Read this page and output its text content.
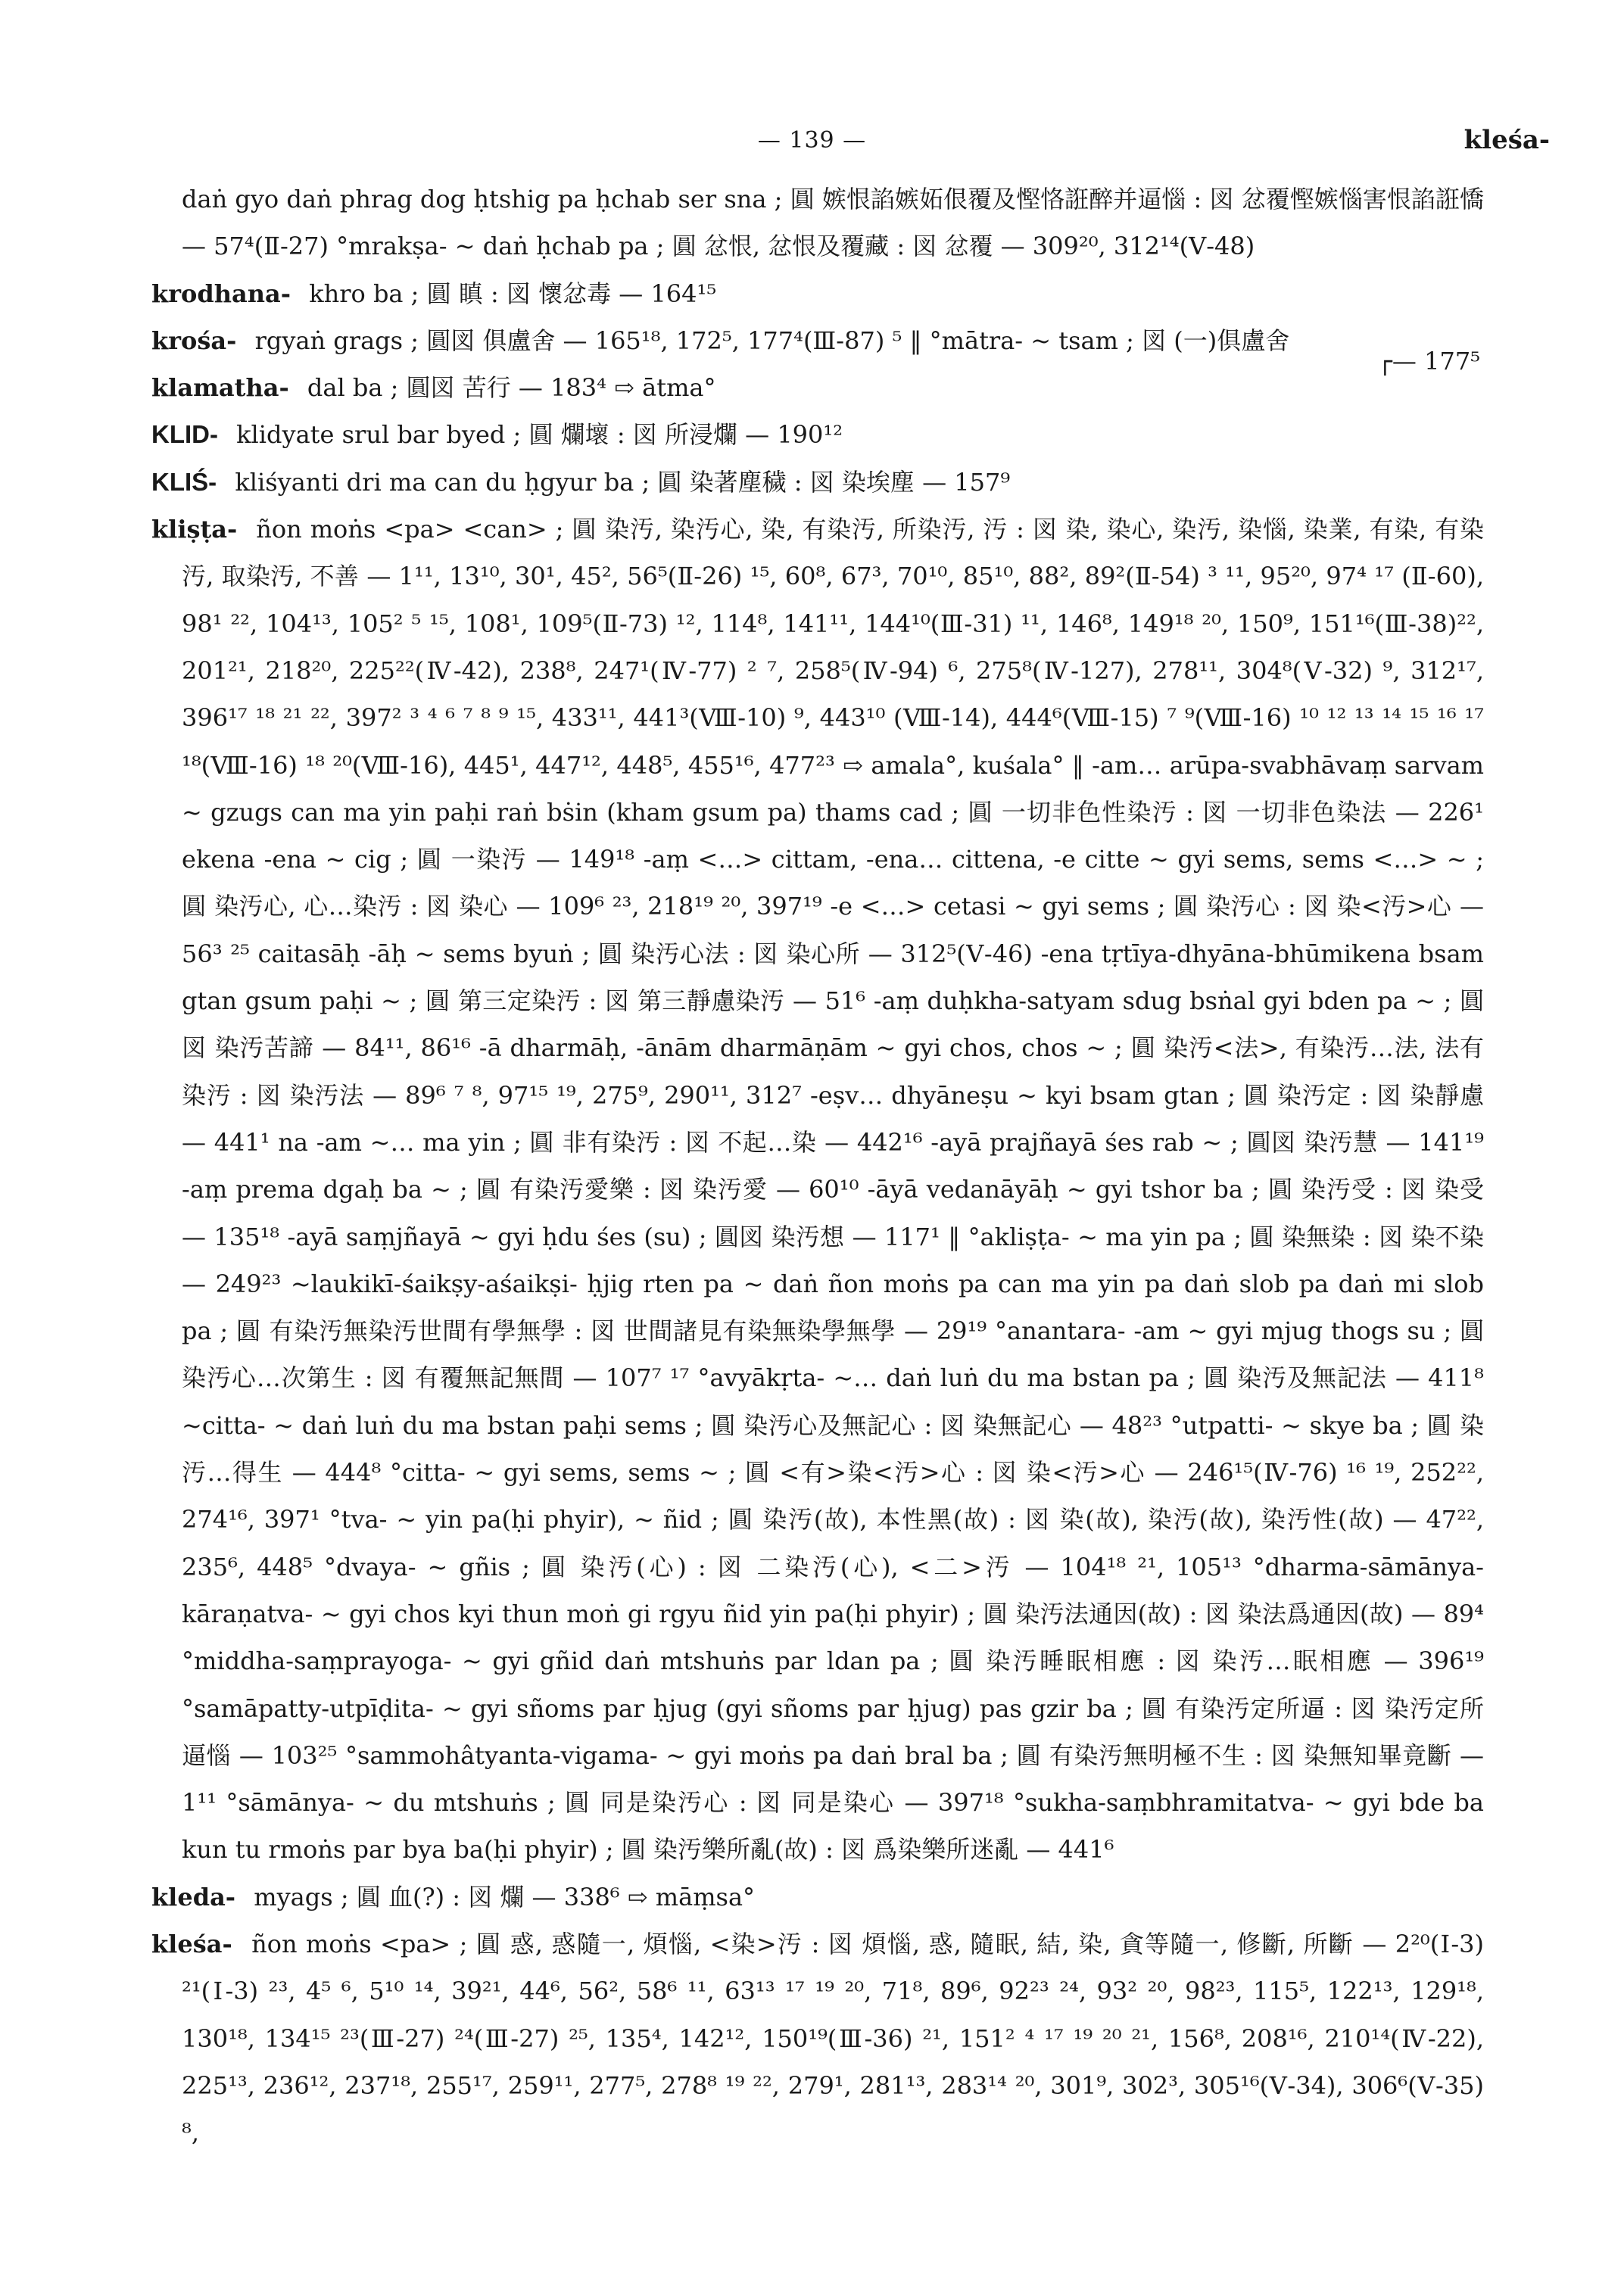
— 139 —	kleśa-
┌— 177⁵

daṅ gyo daṅ phrag dog ḥtshig pa ḥchab ser sna ; 圓 嫉恨諂嫉妬佷覆及慳恪誑醉并逼惱 : 図 忿覆慳嫉惱害恨諂誑憍 — 57⁴(Ⅱ-27) °mrakṣa- ~ daṅ ḥchab pa ; 圓 忿恨, 忿恨及覆藏 : 図 忿覆 — 309²⁰, 312¹⁴(Ⅴ-48)

krodhana- khro ba ; 圓 瞋 : 図 懷忿毒 — 164¹⁵

krośa- rgyaṅ grags ; 圓図 俱盧舍 — 165¹⁸, 172⁵, 177⁴(Ⅲ-87) ⁵ ‖ °mātra- ~ tsam ; 図 (一)俱盧舍

klamatha- dal ba ; 圓図 苦行 — 183⁴ ⇨ ātma°

KLID- klidyate srul bar byed ; 圓 爛壞 : 図 所浸爛 — 190¹²

KLIŚ- kliśyanti dri ma can du ḥgyur ba ; 圓 染著塵穢 : 図 染埃塵 — 157⁹

kliṣṭa- ñon moṅs <pa> <can> ; 圓 染汚, 染汚心, 染, 有染汚, 所染汚, 汚 : 図 染, 染心, 染汚, 染惱, 染業, 有染, 有染汚, 取染汚, 不善 — 1¹¹, 13¹⁰, 30¹, 45², 56⁵(Ⅱ-26) ¹⁵, 60⁸, 67³, 70¹⁰, 85¹⁰, 88², 89²(Ⅱ-54) ³ ¹¹, 95²⁰, 97⁴ ¹⁷ (Ⅱ-60), 98¹ ²², 104¹³, 105² ⁵ ¹⁵, 108¹, 109⁵(Ⅱ-73) ¹², 114⁸, 141¹¹, 144¹⁰(Ⅲ-31) ¹¹, 146⁸, 149¹⁸ ²⁰, 150⁹, 151¹⁶(Ⅲ-38)²², 201²¹, 218²⁰, 225²²(Ⅳ-42), 238⁸, 247¹(Ⅳ-77) ² ⁷, 258⁵(Ⅳ-94) ⁶, 275⁸(Ⅳ-127), 278¹¹, 304⁸(Ⅴ-32) ⁹, 312¹⁷, 396¹⁷ ¹⁸ ²¹ ²², 397² ³ ⁴ ⁶ ⁷ ⁸ ⁹ ¹⁵, 433¹¹, 441³(Ⅷ-10) ⁹, 443¹⁰ (Ⅷ-14), 444⁶(Ⅷ-15) ⁷ ⁹(Ⅷ-16) ¹⁰ ¹² ¹³ ¹⁴ ¹⁵ ¹⁶ ¹⁷ ¹⁸(Ⅷ-16) ¹⁸ ²⁰(Ⅷ-16), 445¹, 447¹², 448⁵, 455¹⁶, 477²³ ⇨ amala°, kuśala° ‖ -am… arūpa-svabhāvaṃ sarvam ~ gzugs can ma yin paḥi raṅ bṡin (kham gsum pa) thams cad ; 圓 一切非色性染汚 : 図 一切非色染法 — 226¹ ekena -ena ~ cig ; 圓 一染汚 — 149¹⁸ -aṃ <…> cittam, -ena… cittena, -e citte ~ gyi sems, sems <…> ~ ; 圓 染汚心, 心…染汚 : 図 染心 — 109⁶ ²³, 218¹⁹ ²⁰, 397¹⁹ -e <…> cetasi ~ gyi sems ; 圓 染汚心 : 図 染<汚>心 — 56³ ²⁵ caitasāḥ -āḥ ~ sems byuṅ ; 圓 染汚心法 : 図 染心所 — 312⁵(Ⅴ-46) -ena tṛtīya-dhyāna-bhūmikena bsam gtan gsum paḥi ~ ; 圓 第三定染汚 : 図 第三靜慮染汚 — 51⁶ -aṃ duḥkha-satyam sdug bsṅal gyi bden pa ~ ; 圓図 染汚苦諦 — 84¹¹, 86¹⁶ -ā dharmāḥ, -ānām dharmāṇām ~ gyi chos, chos ~ ; 圓 染汚<法>, 有染汚…法, 法有染汚 : 図 染汚法 — 89⁶ ⁷ ⁸, 97¹⁵ ¹⁹, 275⁹, 290¹¹, 312⁷ -eṣv… dhyāneṣu ~ kyi bsam gtan ; 圓 染汚定 : 図 染靜慮 — 441¹ na -am ~… ma yin ; 圓 非有染汚 : 図 不起…染 — 442¹⁶ -ayā prajñayā śes rab ~ ; 圓図 染汚慧 — 141¹⁹ -aṃ prema dgaḥ ba ~ ; 圓 有染汚愛樂 : 図 染汚愛 — 60¹⁰ -āyā vedanāyāḥ ~ gyi tshor ba ; 圓 染汚受 : 図 染受 — 135¹⁸ -ayā saṃjñayā ~ gyi ḥdu śes (su) ; 圓図 染汚想 — 117¹ ‖ °akliṣṭa- ~ ma yin pa ; 圓 染無染 : 図 染不染 — 249²³ ~laukikī-śaikṣy-aśaikṣi- ḥjig rten pa ~ daṅ ñon moṅs pa can ma yin pa daṅ slob pa daṅ mi slob pa ; 圓 有染汚無染汚世間有學無學 : 図 世間諸見有染無染學無學 — 29¹⁹ °anantara- -am ~ gyi mjug thogs su ; 圓 染汚心…次第生 : 図 有覆無記無間 — 107⁷ ¹⁷ °avyākṛta- ~… daṅ luṅ du ma bstan pa ; 圓 染汚及無記法 — 411⁸ ~citta- ~ daṅ luṅ du ma bstan paḥi sems ; 圓 染汚心及無記心 : 図 染無記心 — 48²³ °utpatti- ~ skye ba ; 圓 染汚…得生 — 444⁸ °citta- ~ gyi sems, sems ~ ; 圓 <有>染<汚>心 : 図 染<汚>心 — 246¹⁵(Ⅳ-76) ¹⁶ ¹⁹, 252²², 274¹⁶, 397¹ °tva- ~ yin pa(ḥi phyir), ~ ñid ; 圓 染汚(故), 本性黑(故) : 図 染(故), 染汚(故), 染汚性(故) — 47²², 235⁶, 448⁵ °dvaya- ~ gñis ; 圓 染汚(心) : 図 二染汚(心), <二>汚 — 104¹⁸ ²¹, 105¹³ °dharma-sāmānya-kāraṇatva- ~ gyi chos kyi thun moṅ gi rgyu ñid yin pa(ḥi phyir) ; 圓 染汚法通因(故) : 図 染法爲通因(故) — 89⁴ °middha-saṃprayoga- ~ gyi gñid daṅ mtshuṅs par ldan pa ; 圓 染汚睡眠相應 : 図 染汚…眠相應 — 396¹⁹ °samāpatty-utpīḍita- ~ gyi sñoms par ḥjug (gyi sñoms par ḥjug) pas gzir ba ; 圓 有染汚定所逼 : 図 染汚定所逼惱 — 103²⁵ °sammohâtyanta-vigama- ~ gyi moṅs pa daṅ bral ba ; 圓 有染汚無明極不生 : 図 染無知畢竟斷 — 1¹¹ °sāmānya- ~ du mtshuṅs ; 圓 同是染汚心 : 図 同是染心 — 397¹⁸ °sukha-saṃbhramitatva- ~ gyi bde ba kun tu rmoṅs par bya ba(ḥi phyir) ; 圓 染汚樂所亂(故) : 図 爲染樂所迷亂 — 441⁶

kleda- myags ; 圓 血(?) : 図 爛 — 338⁶ ⇨ māṃsa°

kleśa- ñon moṅs <pa> ; 圓 惑, 惑隨一, 煩惱, <染>汚 : 図 煩惱, 惑, 隨眠, 結, 染, 貪等隨一, 修斷, 所斷 — 2²⁰(Ⅰ-3) ²¹(Ⅰ-3) ²³, 4⁵ ⁶, 5¹⁰ ¹⁴, 39²¹, 44⁶, 56², 58⁶ ¹¹, 63¹³ ¹⁷ ¹⁹ ²⁰, 71⁸, 89⁶, 92²³ ²⁴, 93² ²⁰, 98²³, 115⁵, 122¹³, 129¹⁸, 130¹⁸, 134¹⁵ ²³(Ⅲ-27) ²⁴(Ⅲ-27) ²⁵, 135⁴, 142¹², 150¹⁹(Ⅲ-36) ²¹, 151² ⁴ ¹⁷ ¹⁹ ²⁰ ²¹, 156⁸, 208¹⁶, 210¹⁴(Ⅳ-22), 225¹³, 236¹², 237¹⁸, 255¹⁷, 259¹¹, 277⁵, 278⁸ ¹⁹ ²², 279¹, 281¹³, 283¹⁴ ²⁰, 301⁹, 302³, 305¹⁶(Ⅴ-34), 306⁶(Ⅴ-35) ⁸,
